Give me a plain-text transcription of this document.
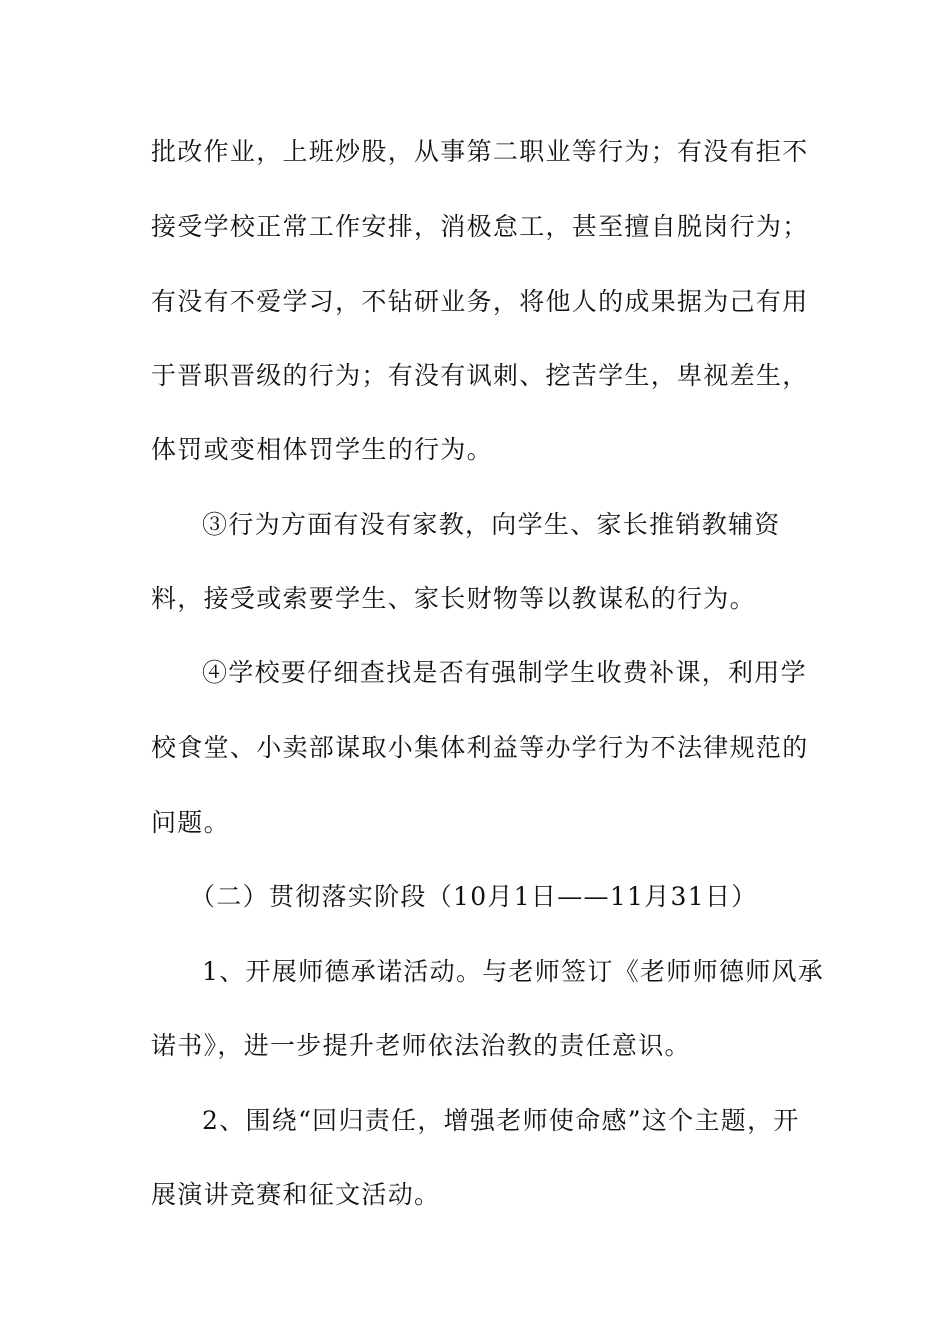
批改作业，上班炒股，从事第二职业等行为；有没有拒不
接受学校正常工作安排，消极怠工，甚至擅自脱岗行为；
有没有不爱学习，不钻研业务，将他人的成果据为己有用
于晋职晋级的行为；有没有讽刺、挖苦学生，卑视差生，
体罚或变相体罚学生的行为。
③行为方面有没有家教，向学生、家长推销教辅资
料，接受或索要学生、家长财物等以教谋私的行为。
④学校要仔细查找是否有强制学生收费补课，利用学
校食堂、小卖部谋取小集体利益等办学行为不法律规范的
问题。
（二）贯彻落实阶段（10月1日——11月31日）
1、开展师德承诺活动。与老师签订《老师师德师风承
诺书》，进一步提升老师依法治教的责任意识。
2、围绕“回归责任，增强老师使命感”这个主题，开
展演讲竞赛和征文活动。
